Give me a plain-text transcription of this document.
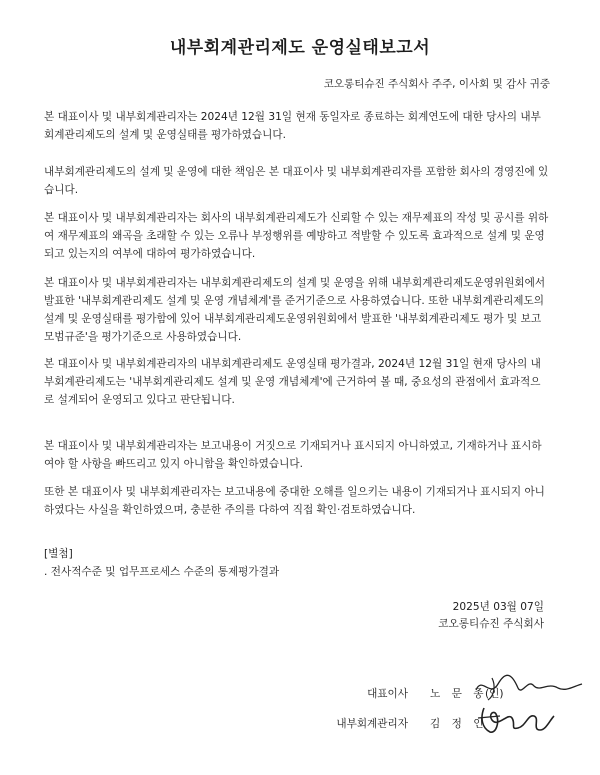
내부회계관리제도 운영실태보고서
코오롱티슈진 주식회사 주주, 이사회 및 감사 귀중

본 대표이사 및 내부회계관리자는 2024년 12월 31일 현재 동일자로 종료하는 회계연도에 대한 당사의 내부회계관리제도의 설계 및 운영실태를 평가하였습니다.

내부회계관리제도의 설계 및 운영에 대한 책임은 본 대표이사 및 내부회계관리자를 포함한 회사의 경영진에 있습니다.

본 대표이사 및 내부회계관리자는 회사의 내부회계관리제도가 신뢰할 수 있는 재무제표의 작성 및 공시를 위하여 재무제표의 왜곡을 초래할 수 있는 오류나 부정행위를 예방하고 적발할 수 있도록 효과적으로 설계 및 운영되고 있는지의 여부에 대하여 평가하였습니다.

본 대표이사 및 내부회계관리자는 내부회계관리제도의 설계 및 운영을 위해 내부회계관리제도운영위원회에서 발표한 '내부회계관리제도 설계 및 운영 개념체계'를 준거기준으로 사용하였습니다. 또한 내부회계관리제도의 설계 및 운영실태를 평가함에 있어 내부회계관리제도운영위원회에서 발표한 '내부회계관리제도 평가 및 보고 모범규준'을 평가기준으로 사용하였습니다.

본 대표이사 및 내부회계관리자의 내부회계관리제도 운영실태 평가결과, 2024년 12월 31일 현재 당사의 내부회계관리제도는 '내부회계관리제도 설계 및 운영 개념체계'에 근거하여 볼 때, 중요성의 관점에서 효과적으로 설계되어 운영되고 있다고 판단됩니다.

본 대표이사 및 내부회계관리자는 보고내용이 거짓으로 기재되거나 표시되지 아니하였고, 기재하거나 표시하여야 할 사항을 빠뜨리고 있지 아니함을 확인하였습니다.

또한 본 대표이사 및 내부회계관리자는 보고내용에 중대한 오해를 일으키는 내용이 기재되거나 표시되지 아니하였다는 사실을 확인하였으며, 충분한 주의를 다하여 직접 확인·검토하였습니다.

[별첨]
. 전사적수준 및 업무프로세스 수준의 통제평가결과
2025년 03월 07일
코오롱티슈진 주식회사
대표이사 노 문 종
(인)
내부회계관리자 김 정 인
